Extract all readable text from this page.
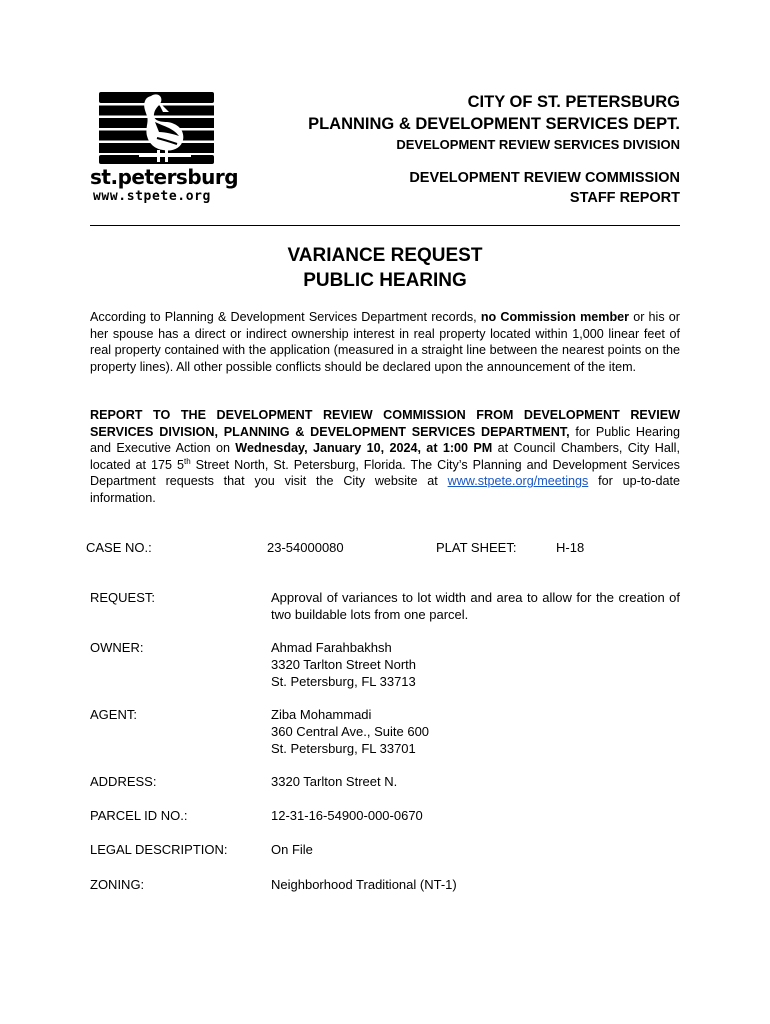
st.petersburg
www.stpete.org
CITY OF ST. PETERSBURG
PLANNING & DEVELOPMENT SERVICES DEPT.
DEVELOPMENT REVIEW SERVICES DIVISION
DEVELOPMENT REVIEW COMMISSION
STAFF REPORT
VARIANCE REQUEST
PUBLIC HEARING
According to Planning & Development Services Department records, no Commission member or his or her spouse has a direct or indirect ownership interest in real property located within 1,000 linear feet of real property contained with the application (measured in a straight line between the nearest points on the property lines). All other possible conflicts should be declared upon the announcement of the item.
REPORT TO THE DEVELOPMENT REVIEW COMMISSION FROM DEVELOPMENT REVIEW SERVICES DIVISION, PLANNING & DEVELOPMENT SERVICES DEPARTMENT, for Public Hearing and Executive Action on Wednesday, January 10, 2024, at 1:00 PM at Council Chambers, City Hall, located at 175 5th Street North, St. Petersburg, Florida. The City’s Planning and Development Services Department requests that you visit the City website at www.stpete.org/meetings for up-to-date information.
CASE NO.:	23-54000080	PLAT SHEET:	H-18
REQUEST:	Approval of variances to lot width and area to allow for the creation of two buildable lots from one parcel.
OWNER:	Ahmad Farahbakhsh
3320 Tarlton Street North
St. Petersburg, FL 33713
AGENT:	Ziba Mohammadi
360 Central Ave., Suite 600
St. Petersburg, FL 33701
ADDRESS:	3320 Tarlton Street N.
PARCEL ID NO.:	12-31-16-54900-000-0670
LEGAL DESCRIPTION:	On File
ZONING:	Neighborhood Traditional (NT-1)
